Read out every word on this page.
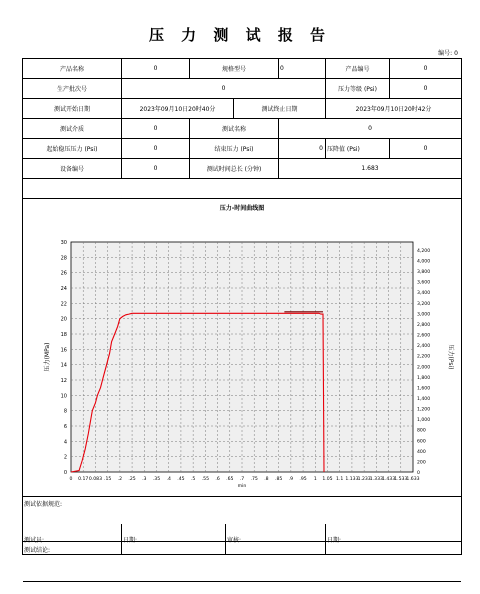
压 力 测 试 报 告
编号: 0
产品名称	0	规格型号	0	产品编号	0
生产批次号	0	压力等级 (Psi)	0
测试开始日期	2023年09月10日20时40分	测试终止日期	2023年09月10日20时42分
测试介质	0	测试名称	0
起始稳压压力 (Psi)	0	结束压力 (Psi)	0 压降值 (Psi)	0
设备编号	0	测试时间总长 (分钟)	1.683
压力-时间曲线图
0
2
4
6
8
10
12
14
16
18
20
22
24
26
28
30
0 0.17 0.083 .15 .2 .25 .3 .35 .4 .45 .5 .55 .6 .65 .7 .75 .8 .85 .9 .95 1 1.05 1.1 1.133 1.233 1.333 1.433 1.533 1.633
0
200
400
600
800
1,000
1,200
1,400
1,600
1,800
2,000
2,200
2,400
2,600
2,800
3,000
3,200
3,400
3,600
3,800
4,000
4,200
min
压力(MPa)	压力(Psi)
测试依据规范:
测试结论:
测试员:	日期:	审核:	日期:
